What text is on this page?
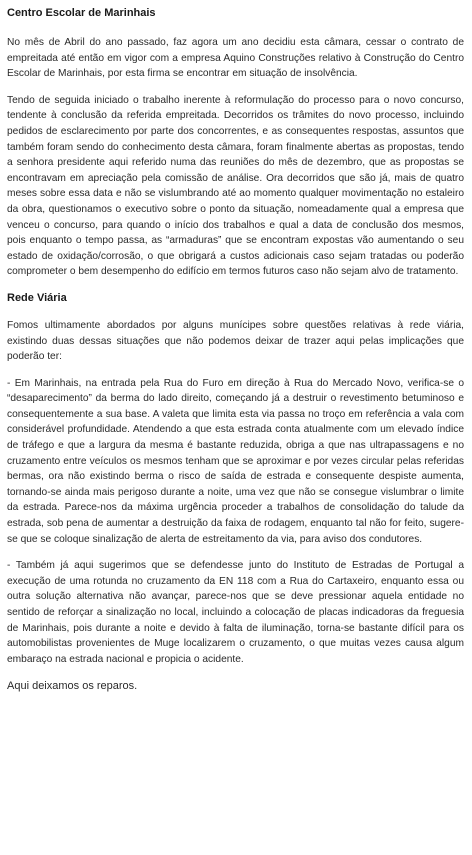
Centro Escolar de Marinhais

No mês de Abril do ano passado, faz agora um ano decidiu esta câmara, cessar o contrato de empreitada até então em vigor com a empresa Aquino Construções relativo à Construção do Centro Escolar de Marinhais, por esta firma se encontrar em situação de insolvência.

Tendo de seguida iniciado o trabalho inerente à reformulação do processo para o novo concurso, tendente à conclusão da referida empreitada. Decorridos os trâmites do novo processo, incluindo pedidos de esclarecimento por parte dos concorrentes, e as consequentes respostas, assuntos que também foram sendo do conhecimento desta câmara, foram finalmente abertas as propostas, tendo a senhora presidente aqui referido numa das reuniões do mês de dezembro, que as propostas se encontravam em apreciação pela comissão de análise. Ora decorridos que são já, mais de quatro meses sobre essa data e não se vislumbrando até ao momento qualquer movimentação no estaleiro da obra, questionamos o executivo sobre o ponto da situação, nomeadamente qual a empresa que venceu o concurso, para quando o início dos trabalhos e qual a data de conclusão dos mesmos, pois enquanto o tempo passa, as “armaduras” que se encontram expostas vão aumentando o seu estado de oxidação/corrosão, o que obrigará a custos adicionais caso sejam tratadas ou poderão comprometer o bem desempenho do edifício em termos futuros caso não sejam alvo de tratamento.

Rede Viária

Fomos ultimamente abordados por alguns munícipes sobre questões relativas à rede viária, existindo duas dessas situações que não podemos deixar de trazer aqui pelas implicações que poderão ter:

- Em Marinhais, na entrada pela Rua do Furo em direção à Rua do Mercado Novo, verifica-se o “desaparecimento” da berma do lado direito, começando já a destruir o revestimento betuminoso e consequentemente a sua base. A valeta que limita esta via passa no troço em referência a vala com considerável profundidade. Atendendo a que esta estrada conta atualmente com um elevado índice de tráfego e que a largura da mesma é bastante reduzida, obriga a que nas ultrapassagens e no cruzamento entre veículos os mesmos tenham que se aproximar e por vezes circular pelas referidas bermas, ora não existindo berma o risco de saída de estrada e consequente despiste aumenta, tornando-se ainda mais perigoso durante a noite, uma vez que não se consegue vislumbrar o limite da estrada. Parece-nos da máxima urgência proceder a trabalhos de consolidação do talude da estrada, sob pena de aumentar a destruição da faixa de rodagem, enquanto tal não for feito, sugere-se que se coloque sinalização de alerta de estreitamento da via, para aviso dos condutores.

- Também já aqui sugerimos que se defendesse junto do Instituto de Estradas de Portugal a execução de uma rotunda no cruzamento da EN 118 com a Rua do Cartaxeiro, enquanto essa ou outra solução alternativa não avançar, parece-nos que se deve pressionar aquela entidade no sentido de reforçar a sinalização no local, incluindo a colocação de placas indicadoras da freguesia de Marinhais, pois durante a noite e devido à falta de iluminação, torna-se bastante difícil para os automobilistas provenientes de Muge localizarem o cruzamento, o que muitas vezes causa algum embaraço na estrada nacional e propicia o acidente.

Aqui deixamos os reparos.
